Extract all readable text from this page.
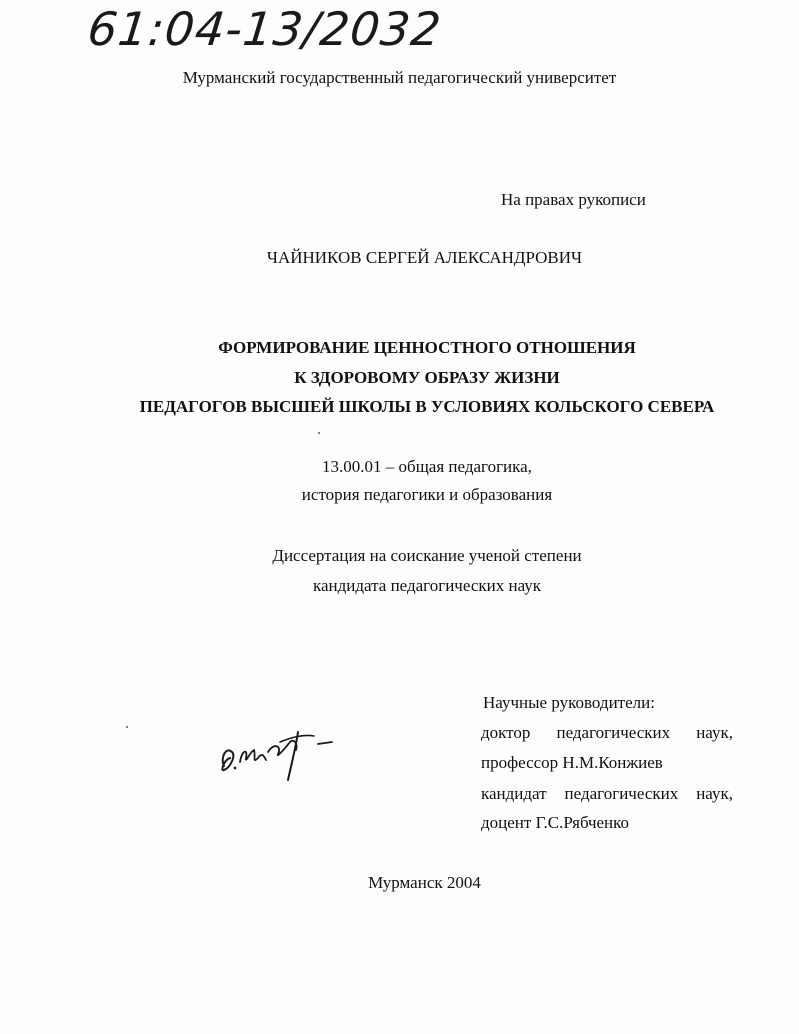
61:04-13/2032
Мурманский государственный педагогический университет
На правах рукописи
ЧАЙНИКОВ СЕРГЕЙ АЛЕКСАНДРОВИЧ
ФОРМИРОВАНИЕ ЦЕННОСТНОГО ОТНОШЕНИЯ
К ЗДОРОВОМУ ОБРАЗУ ЖИЗНИ
ПЕДАГОГОВ ВЫСШЕЙ ШКОЛЫ В УСЛОВИЯХ КОЛЬСКОГО СЕВЕРА
13.00.01 – общая педагогика,
история педагогики и образования
Диссертация на соискание ученой степени
кандидата педагогических наук
Научные руководители:
доктор педагогических наук,
профессор Н.М.Конжиев
кандидат педагогических наук,
доцент Г.С.Рябченко
Мурманск 2004
